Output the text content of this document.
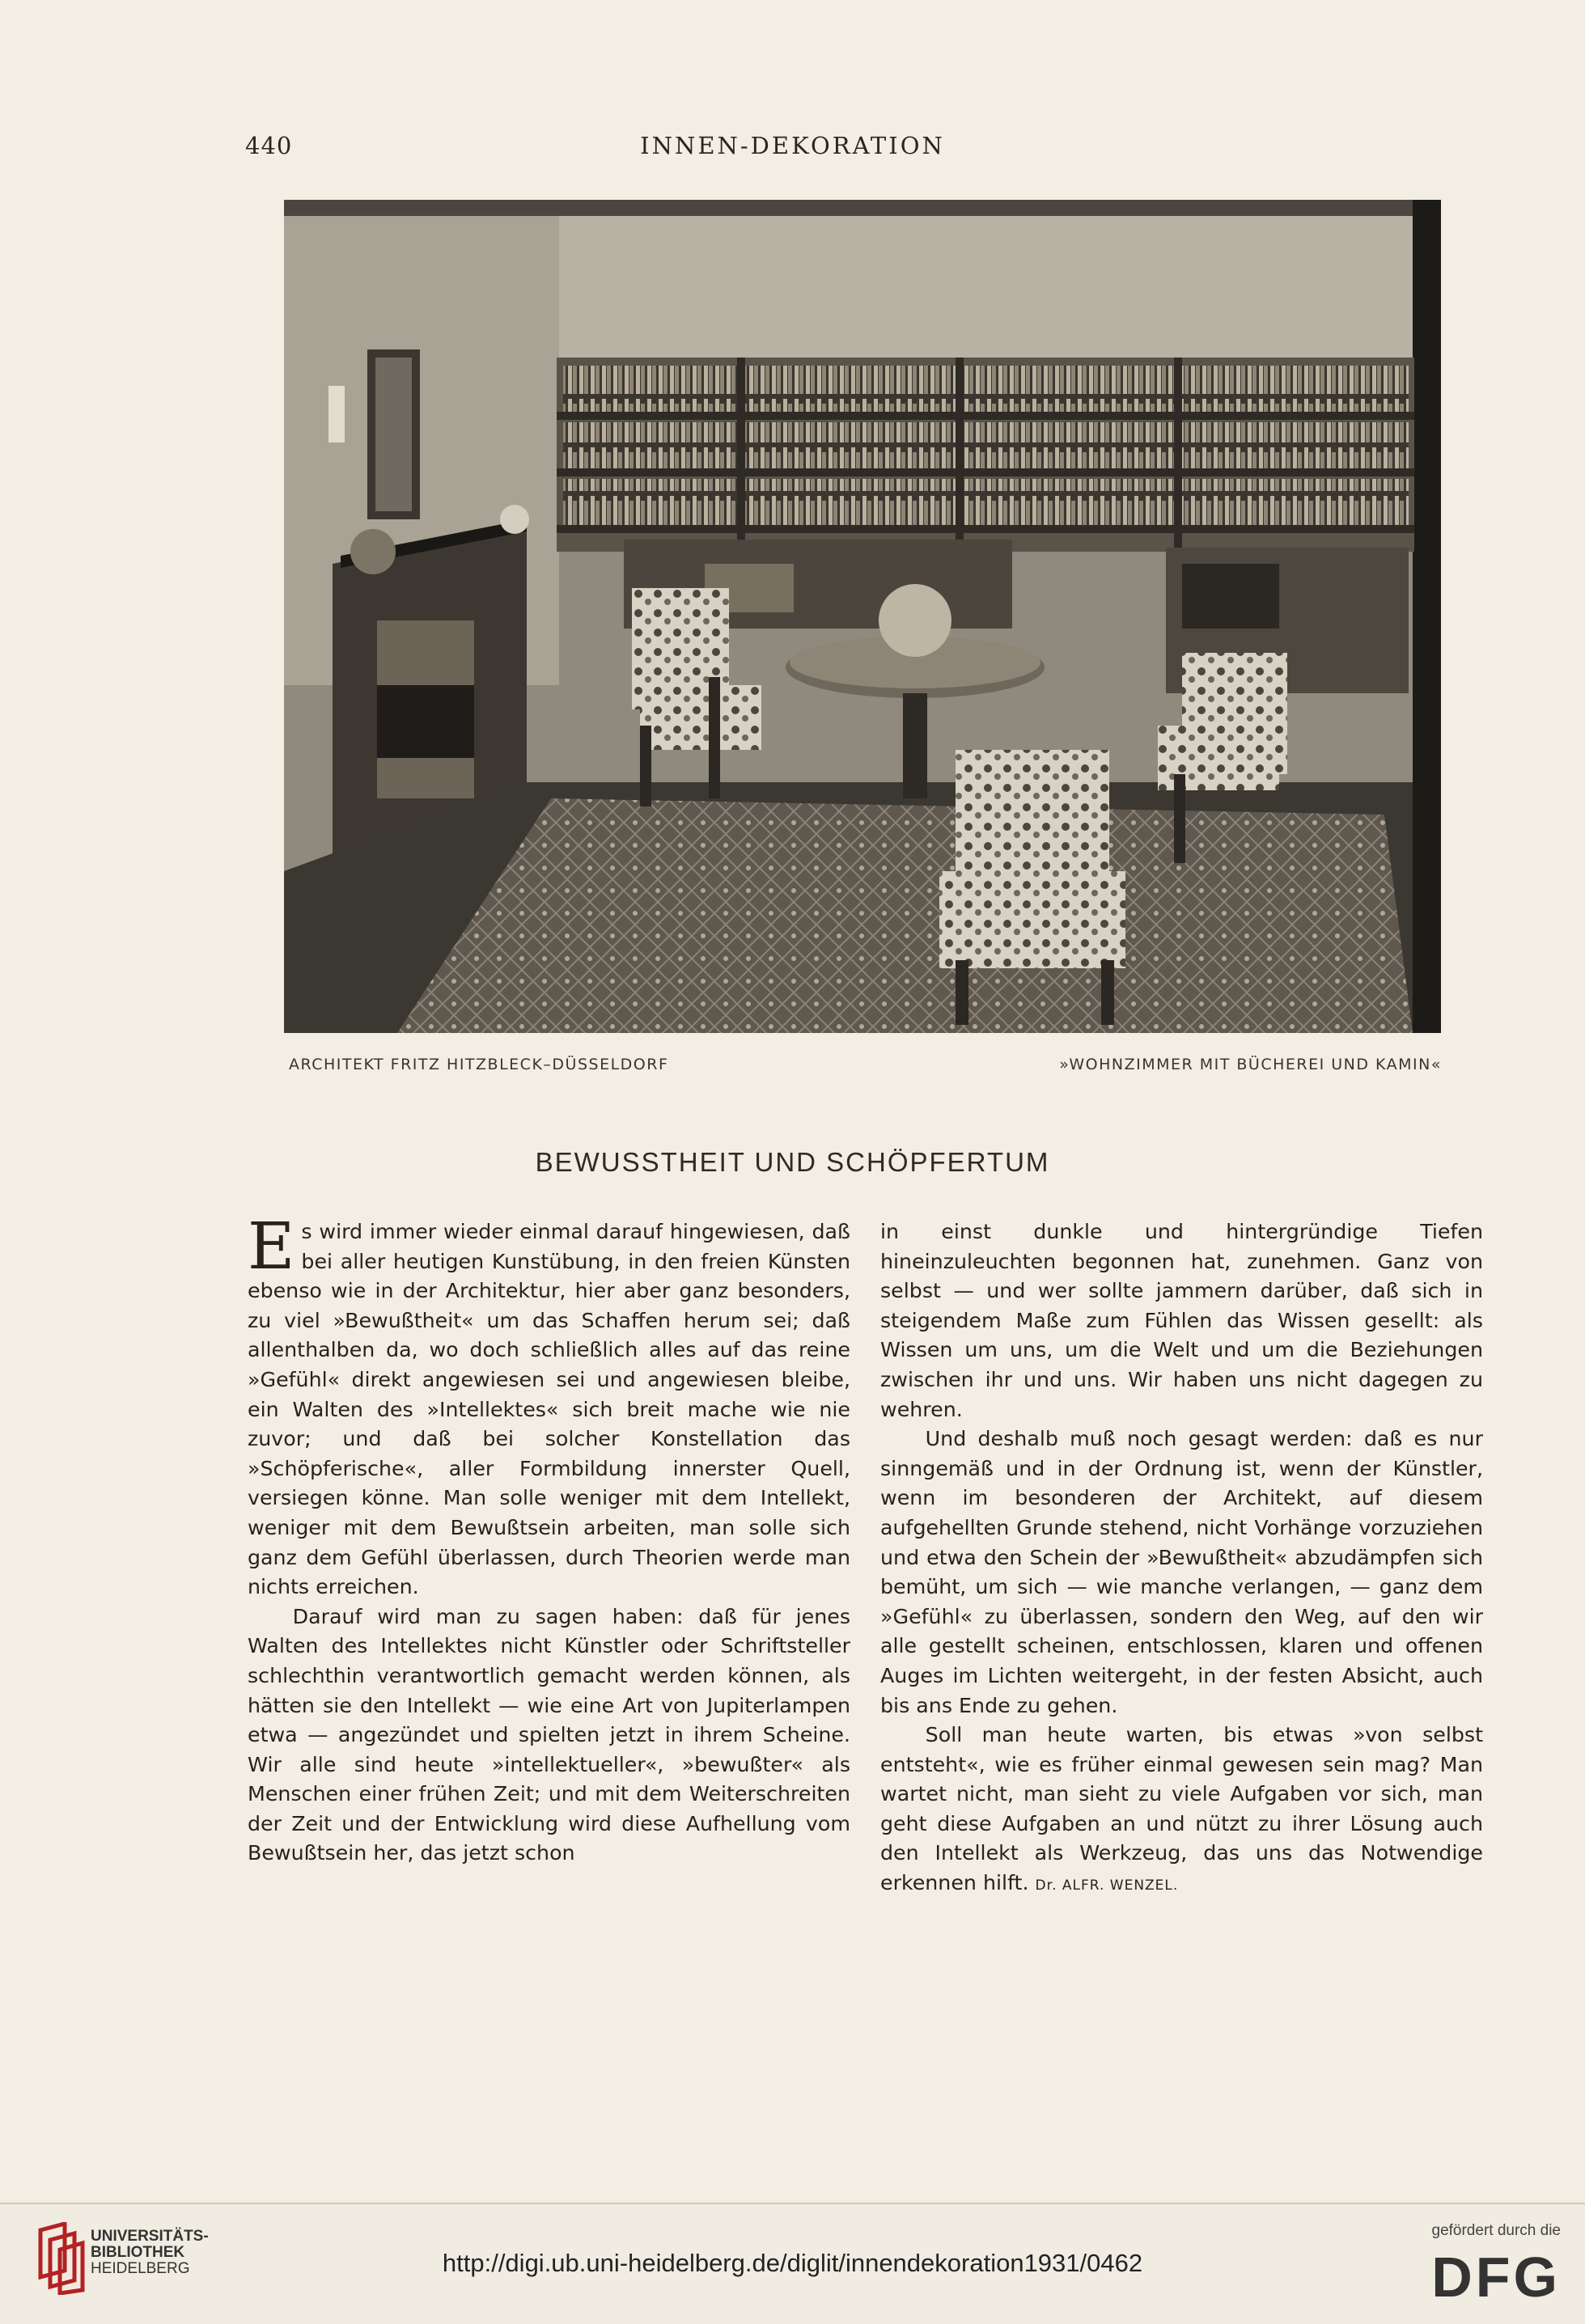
440	INNEN-DEKORATION
ARCHITEKT FRITZ HITZBLECK–DÜSSELDORF	»WOHNZIMMER MIT BÜCHEREI UND KAMIN«
BEWUSSTHEIT UND SCHÖPFERTUM

Es wird immer wieder einmal darauf hingewiesen, daß bei aller heutigen Kunstübung, in den freien Künsten ebenso wie in der Architektur, hier aber ganz besonders, zu viel »Bewußtheit« um das Schaffen herum sei; daß allenthalben da, wo doch schließlich alles auf das reine »Gefühl« direkt angewiesen sei und angewiesen bleibe, ein Walten des »Intellektes« sich breit mache wie nie zuvor; und daß bei solcher Konstellation das »Schöpferische«, aller Formbildung innerster Quell, versiegen könne. Man solle weniger mit dem Intellekt, weniger mit dem Bewußtsein arbeiten, man solle sich ganz dem Gefühl überlassen, durch Theorien werde man nichts erreichen.

Darauf wird man zu sagen haben: daß für jenes Walten des Intellektes nicht Künstler oder Schriftsteller schlechthin verantwortlich gemacht werden können, als hätten sie den Intellekt — wie eine Art von Jupiterlampen etwa — angezündet und spielten jetzt in ihrem Scheine. Wir alle sind heute »intellektueller«, »bewußter« als Menschen einer frühen Zeit; und mit dem Weiterschreiten der Zeit und der Entwicklung wird diese Aufhellung vom Bewußtsein her, das jetzt schon

in einst dunkle und hintergründige Tiefen hineinzuleuchten begonnen hat, zunehmen. Ganz von selbst — und wer sollte jammern darüber, daß sich in steigendem Maße zum Fühlen das Wissen gesellt: als Wissen um uns, um die Welt und um die Beziehungen zwischen ihr und uns. Wir haben uns nicht dagegen zu wehren.

Und deshalb muß noch gesagt werden: daß es nur sinngemäß und in der Ordnung ist, wenn der Künstler, wenn im besonderen der Architekt, auf diesem aufgehellten Grunde stehend, nicht Vorhänge vorzuziehen und etwa den Schein der »Bewußtheit« abzudämpfen sich bemüht, um sich — wie manche verlangen, — ganz dem »Gefühl« zu überlassen, sondern den Weg, auf den wir alle gestellt scheinen, entschlossen, klaren und offenen Auges im Lichten weitergeht, in der festen Absicht, auch bis ans Ende zu gehen.

Soll man heute warten, bis etwas »von selbst entsteht«, wie es früher einmal gewesen sein mag? Man wartet nicht, man sieht zu viele Aufgaben vor sich, man geht diese Aufgaben an und nützt zu ihrer Lösung auch den Intellekt als Werkzeug, das uns das Notwendige erkennen hilft. Dr. ALFR. WENZEL.

UNIVERSITÄTS-
BIBLIOTHEK
HEIDELBERG	http://digi.ub.uni-heidelberg.de/diglit/innendekoration1931/0462
gefördert durch die
DFG
